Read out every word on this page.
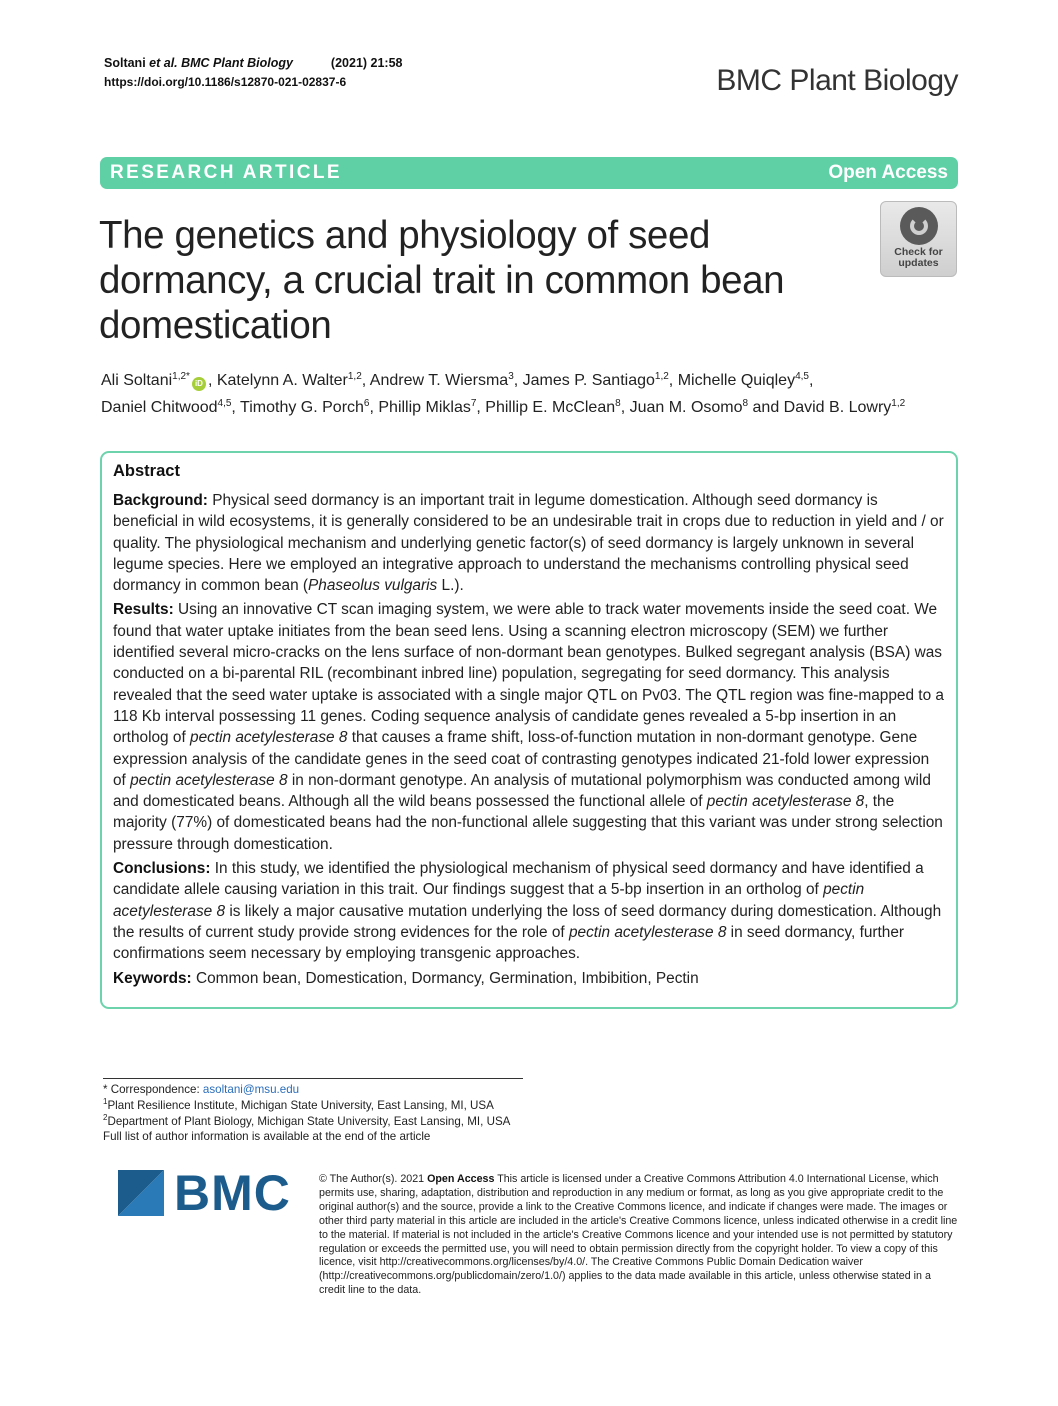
Soltani et al. BMC Plant Biology	(2021) 21:58
https://doi.org/10.1186/s12870-021-02837-6	BMC Plant Biology
RESEARCH ARTICLE	Open Access
The genetics and physiology of seed dormancy, a crucial trait in common bean domestication
Check for
updates
Ali Soltani$^{1,2*}$iD , Katelynn A. Walter$^{1,2}$, Andrew T. Wiersma$^3$, James P. Santiago$^{1,2}$, Michelle Quiqley$^{4,5}$,
Daniel Chitwood$^{4,5}$, Timothy G. Porch$^6$, Phillip Miklas$^7$, Phillip E. McClean$^8$, Juan M. Osomo$^8$ and David B. Lowry$^{1,2}$
Abstract

Background: Physical seed dormancy is an important trait in legume domestication. Although seed dormancy is beneficial in wild ecosystems, it is generally considered to be an undesirable trait in crops due to reduction in yield and / or quality. The physiological mechanism and underlying genetic factor(s) of seed dormancy is largely unknown in several legume species. Here we employed an integrative approach to understand the mechanisms controlling physical seed dormancy in common bean (Phaseolus vulgaris L.).

Results: Using an innovative CT scan imaging system, we were able to track water movements inside the seed coat. We found that water uptake initiates from the bean seed lens. Using a scanning electron microscopy (SEM) we further identified several micro-cracks on the lens surface of non-dormant bean genotypes. Bulked segregant analysis (BSA) was conducted on a bi-parental RIL (recombinant inbred line) population, segregating for seed dormancy. This analysis revealed that the seed water uptake is associated with a single major QTL on Pv03. The QTL region was fine-mapped to a 118 Kb interval possessing 11 genes. Coding sequence analysis of candidate genes revealed a 5-bp insertion in an ortholog of pectin acetylesterase 8 that causes a frame shift, loss-of-function mutation in non-dormant genotype. Gene expression analysis of the candidate genes in the seed coat of contrasting genotypes indicated 21-fold lower expression of pectin acetylesterase 8 in non-dormant genotype. An analysis of mutational polymorphism was conducted among wild and domesticated beans. Although all the wild beans possessed the functional allele of pectin acetylesterase 8, the majority (77%) of domesticated beans had the non-functional allele suggesting that this variant was under strong selection pressure through domestication.

Conclusions: In this study, we identified the physiological mechanism of physical seed dormancy and have identified a candidate allele causing variation in this trait. Our findings suggest that a 5-bp insertion in an ortholog of pectin acetylesterase 8 is likely a major causative mutation underlying the loss of seed dormancy during domestication. Although the results of current study provide strong evidences for the role of pectin acetylesterase 8 in seed dormancy, further confirmations seem necessary by employing transgenic approaches.

Keywords: Common bean, Domestication, Dormancy, Germination, Imbibition, Pectin

* Correspondence: asoltani@msu.edu
$^1$Plant Resilience Institute, Michigan State University, East Lansing, MI, USA
$^2$Department of Plant Biology, Michigan State University, East Lansing, MI, USA
Full list of author information is available at the end of the article
BMC	© The Author(s). 2021 Open Access This article is licensed under a Creative Commons Attribution 4.0 International License, which permits use, sharing, adaptation, distribution and reproduction in any medium or format, as long as you give appropriate credit to the original author(s) and the source, provide a link to the Creative Commons licence, and indicate if changes were made. The images or other third party material in this article are included in the article's Creative Commons licence, unless indicated otherwise in a credit line to the material. If material is not included in the article's Creative Commons licence and your intended use is not permitted by statutory regulation or exceeds the permitted use, you will need to obtain permission directly from the copyright holder. To view a copy of this licence, visit http://creativecommons.org/licenses/by/4.0/. The Creative Commons Public Domain Dedication waiver (http://creativecommons.org/publicdomain/zero/1.0/) applies to the data made available in this article, unless otherwise stated in a credit line to the data.
